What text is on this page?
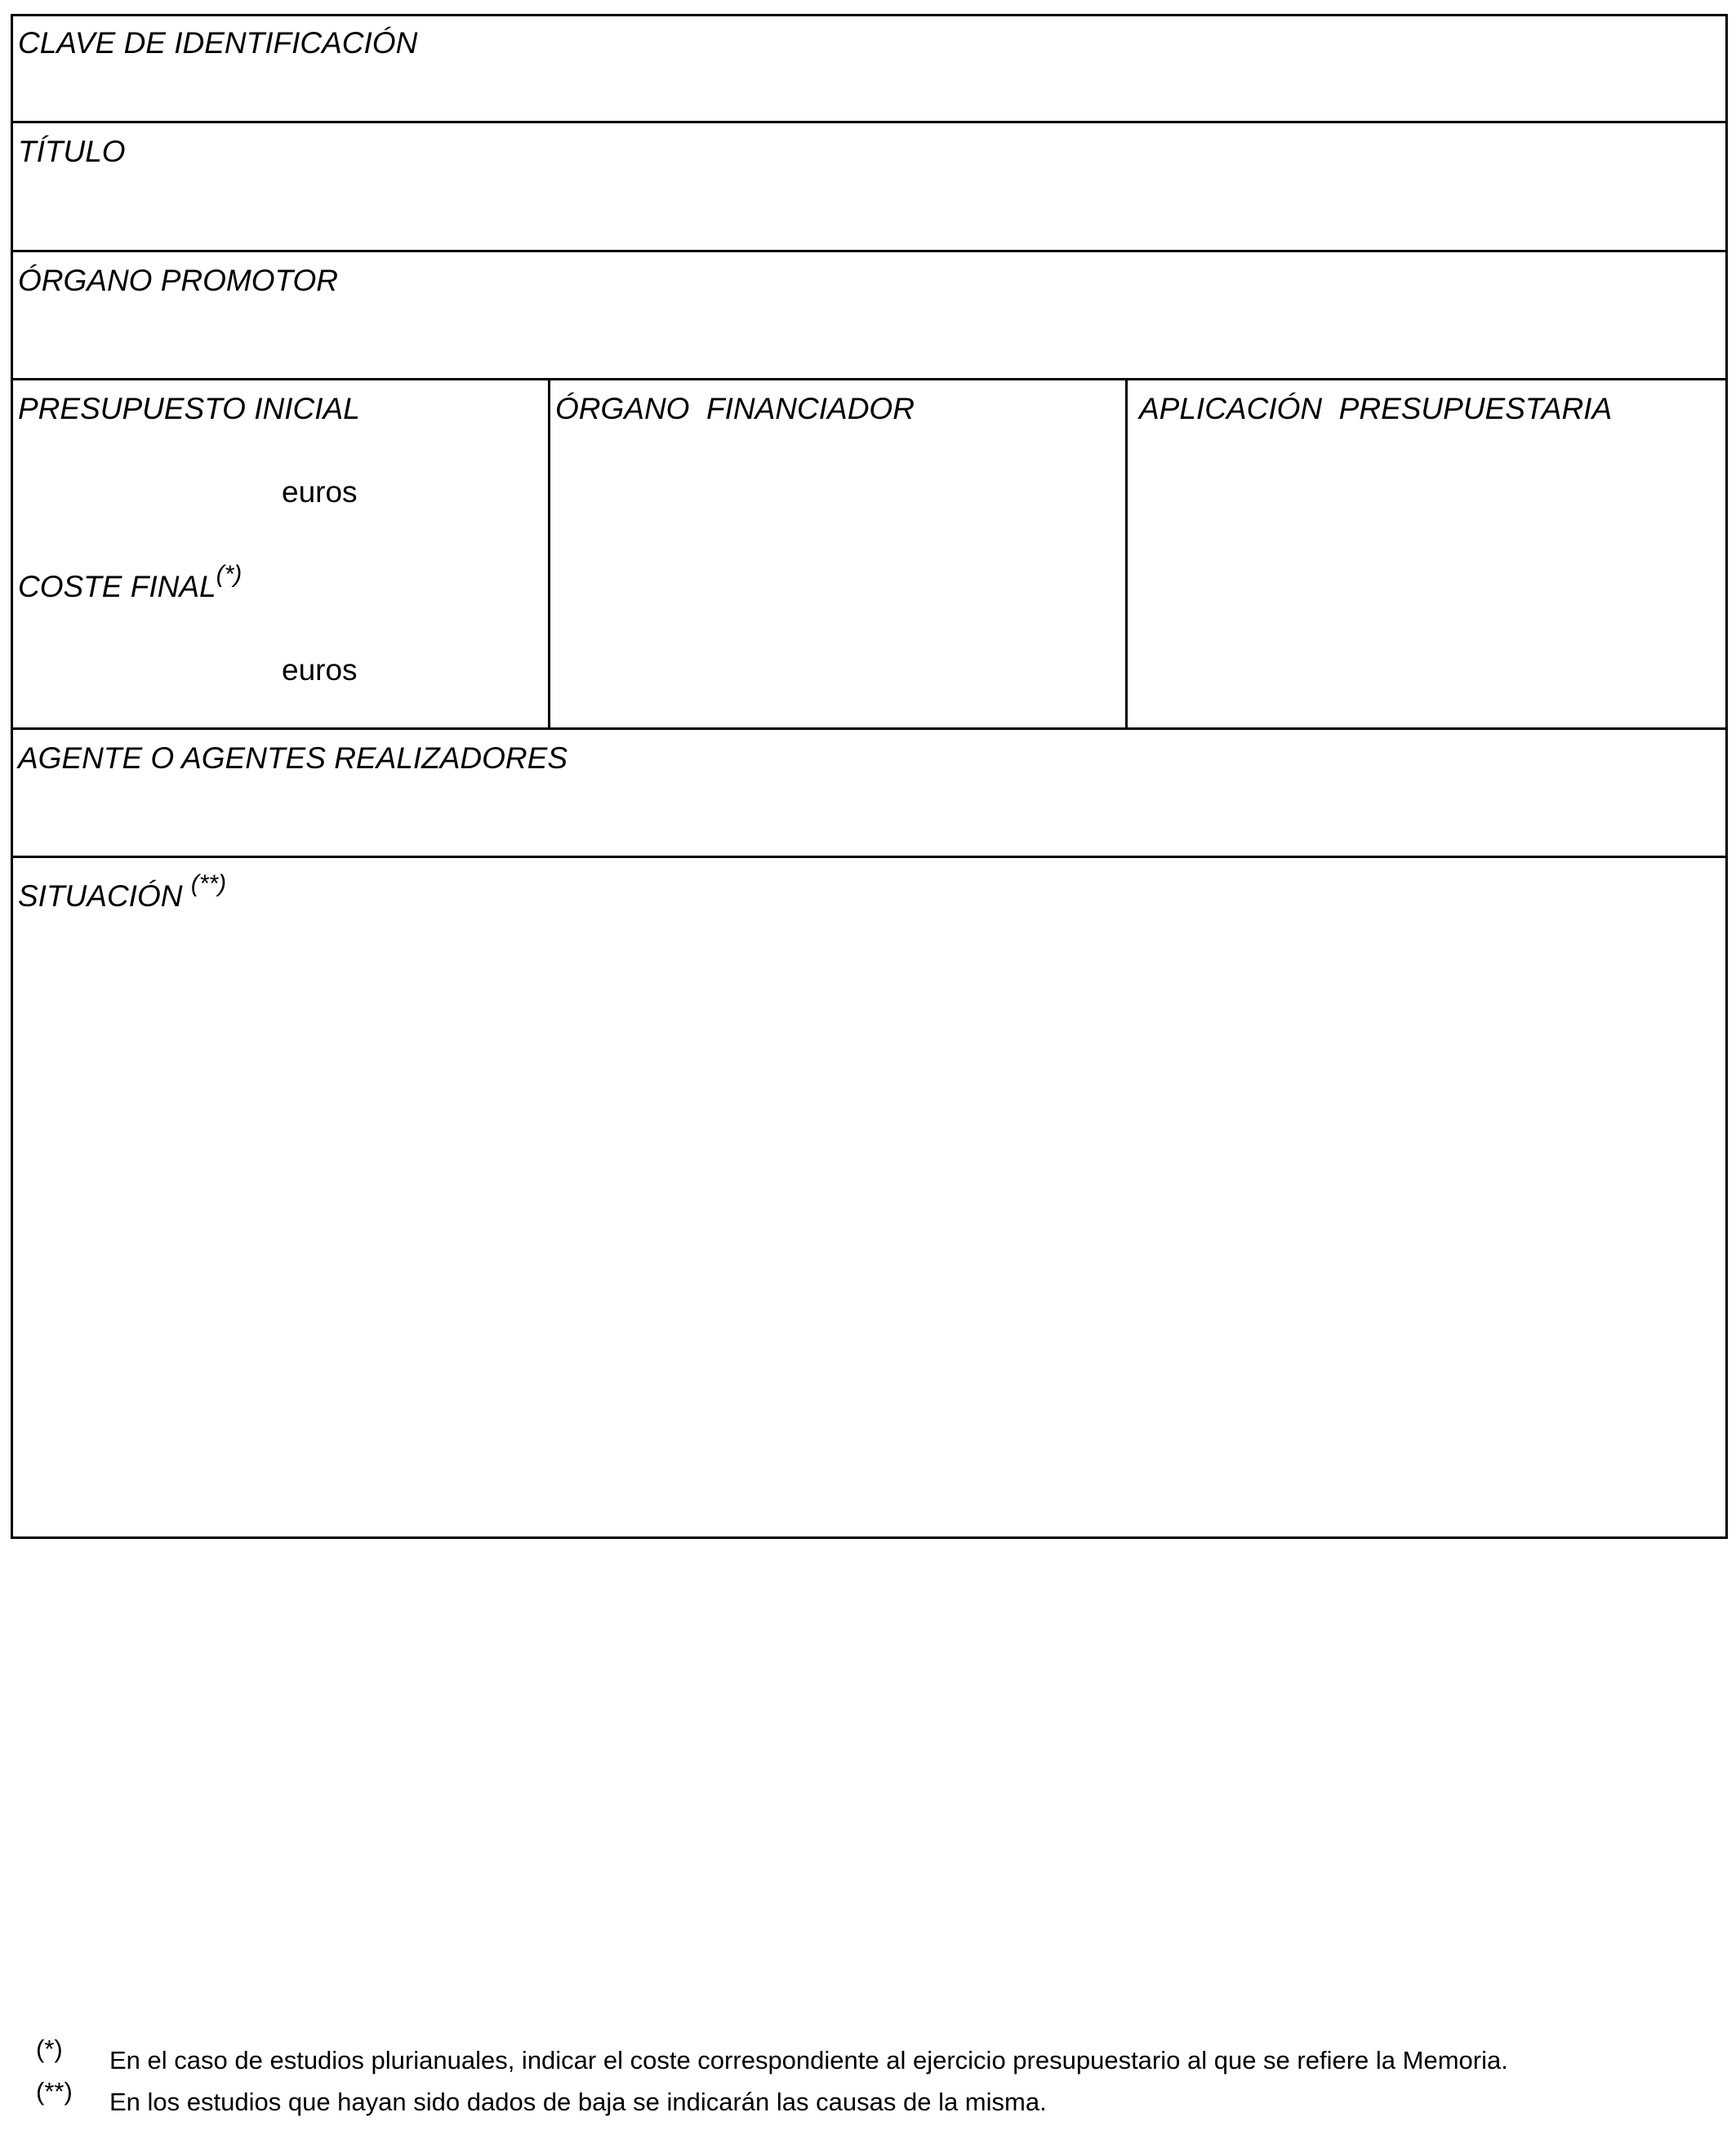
CLAVE DE IDENTIFICACIÓN
TÍTULO
ÓRGANO PROMOTOR
PRESUPUESTO INICIAL
euros
COSTE FINAL(*)
euros
ÓRGANO  FINANCIADOR	APLICACIÓN  PRESUPUESTARIA
AGENTE O AGENTES REALIZADORES
SITUACIÓN (**)
(*) En el caso de estudios plurianuales, indicar el coste correspondiente al ejercicio presupuestario al que se refiere la Memoria.
(**) En los estudios que hayan sido dados de baja se indicarán las causas de la misma.
